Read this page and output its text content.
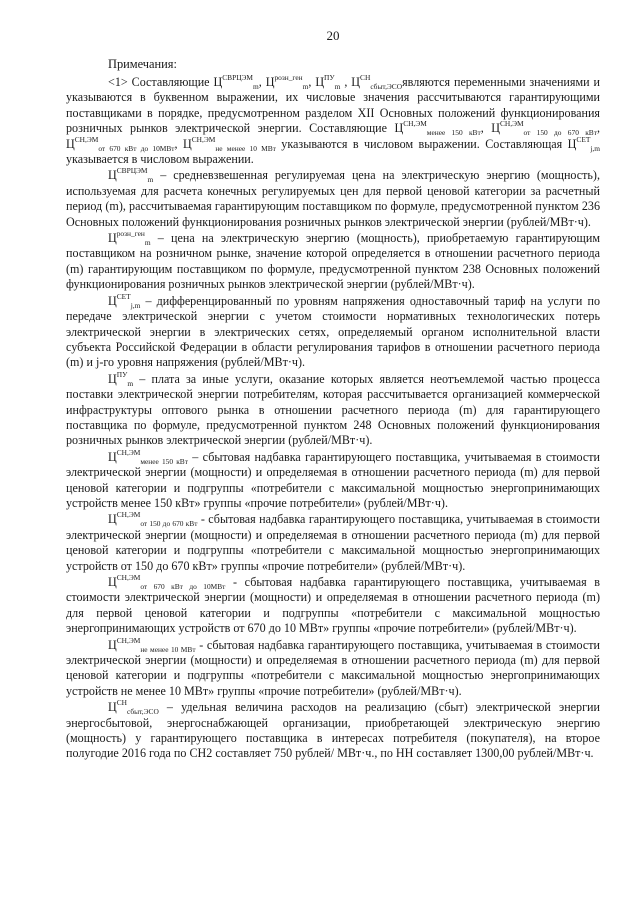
20
Примечания:

<1> Составляющие $Ц^{СВРЦЭМ}_m$, $Ц^{розн\_ген}_m$, $Ц^{ПУ}_m$ , $Ц^{СН}_{сбыт,ЭСО}являются$ переменными значениями и указываются в буквенном выражении, их числовые значения рассчитываются гарантирующими поставщиками в порядке, предусмотренном разделом XII Основных положений функционирования розничных рынков электрической энергии. Составляющие $Ц^{СН,ЭМ}_{менее 150 кВт}$, $Ц^{СН,ЭМ}_{от 150 до 670 кВт}$, $Ц^{СН,ЭМ}_{от 670 кВт до 10МВт}$, $Ц^{СН,ЭМ}_{не менее 10 МВт}$ указываются в числовом выражении. Составляющая $Ц^{СЕТ}_{j,m}$ указывается в числовом выражении.

$Ц^{СВРЦЭМ}_m$ – средневзвешенная регулируемая цена на электрическую энергию (мощность), используемая для расчета конечных регулируемых цен для первой ценовой категории за расчетный период (m), рассчитываемая гарантирующим поставщиком по формуле, предусмотренной пунктом 236 Основных положений функционирования розничных рынков электрической энергии (рублей/МВт·ч).

$Ц^{розн\_ген}_m$ – цена на электрическую энергию (мощность), приобретаемую гарантирующим поставщиком на розничном рынке, значение которой определяется в отношении расчетного периода (m) гарантирующим поставщиком по формуле, предусмотренной пунктом 238 Основных положений функционирования розничных рынков электрической энергии (рублей/МВт·ч).

$Ц^{СЕТ}_{j,m}$ – дифференцированный по уровням напряжения одноставочный тариф на услуги по передаче электрической энергии с учетом стоимости нормативных технологических потерь электрической энергии в электрических сетях, определяемый органом исполнительной власти субъекта Российской Федерации в области регулирования тарифов в отношении расчетного периода (m) и j-го уровня напряжения (рублей/МВт·ч).

$Ц^{ПУ}_m$ – плата за иные услуги, оказание которых является неотъемлемой частью процесса поставки электрической энергии потребителям, которая рассчитывается организацией коммерческой инфраструктуры оптового рынка в отношении расчетного периода (m) для гарантирующего поставщика по формуле, предусмотренной пунктом 248 Основных положений функционирования розничных рынков электрической энергии (рублей/МВт·ч).

$Ц^{СН,ЭМ}_{менее 150 кВт}$ – сбытовая надбавка гарантирующего поставщика, учитываемая в стоимости электрической энергии (мощности) и определяемая в отношении расчетного периода (m) для первой ценовой категории и подгруппы «потребители с максимальной мощностью энергопринимающих устройств менее 150 кВт» группы «прочие потребители» (рублей/МВт·ч).

$Ц^{СН,ЭМ}_{от 150 до 670 кВт}$ - сбытовая надбавка гарантирующего поставщика, учитываемая в стоимости электрической энергии (мощности) и определяемая в отношении расчетного периода (m) для первой ценовой категории и подгруппы «потребители с максимальной мощностью энергопринимающих устройств от 150 до 670 кВт» группы «прочие потребители» (рублей/МВт·ч).

$Ц^{СН,ЭМ}_{от 670 кВт до 10МВт}$ - сбытовая надбавка гарантирующего поставщика, учитываемая в стоимости электрической энергии (мощности) и определяемая в отношении расчетного периода (m) для первой ценовой категории и подгруппы «потребители с максимальной мощностью энергопринимающих устройств от 670 до 10 МВт» группы «прочие потребители» (рублей/МВт·ч).

$Ц^{СН,ЭМ}_{не менее 10 МВт}$ - сбытовая надбавка гарантирующего поставщика, учитываемая в стоимости электрической энергии (мощности) и определяемая в отношении расчетного периода (m) для первой ценовой категории и подгруппы «потребители с максимальной мощностью энергопринимающих устройств не менее 10 МВт» группы «прочие потребители» (рублей/МВт·ч).

$Ц^{СН}_{сбыт,ЭСО}$ – удельная величина расходов на реализацию (сбыт) электрической энергии энергосбытовой, энергоснабжающей организации, приобретающей электрическую энергию (мощность) у гарантирующего поставщика в интересах потребителя (покупателя), на второе полугодие 2016 года по СН2 составляет 750 рублей/ МВт·ч., по НН составляет 1300,00 рублей/МВт·ч.
